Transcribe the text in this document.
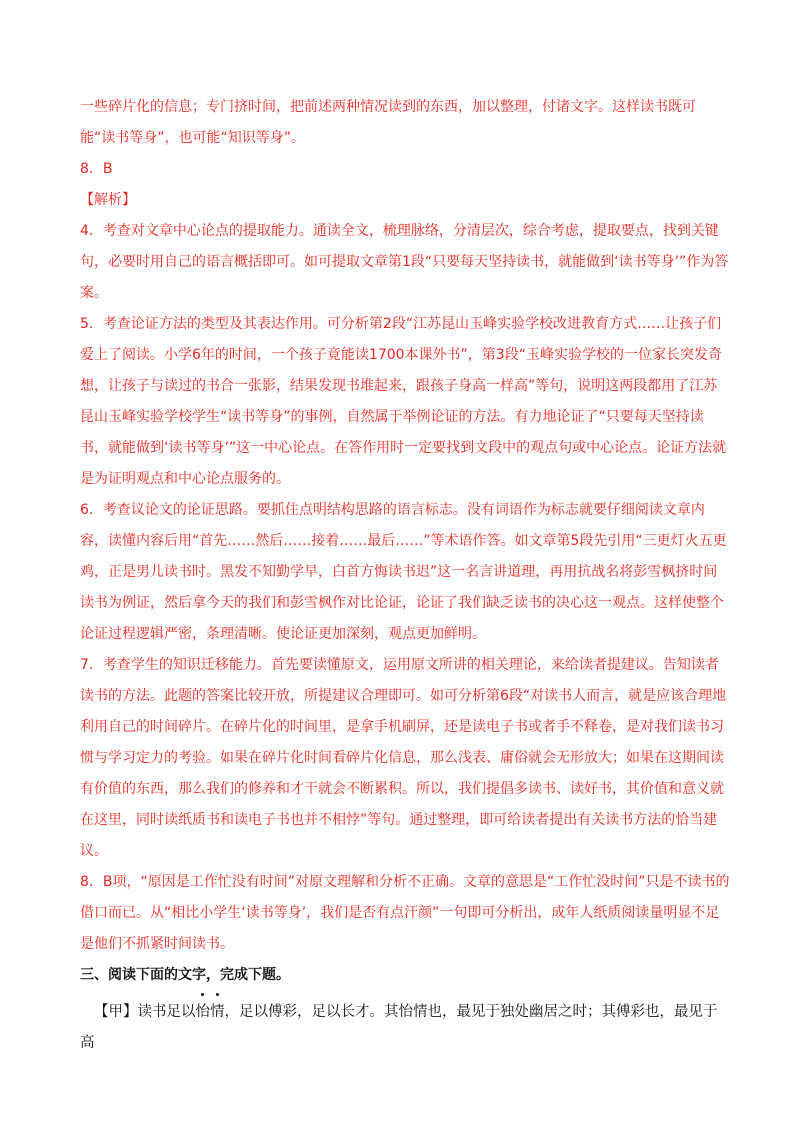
一些碎片化的信息；专门挤时间，把前述两种情况读到的东西，加以整理，付诸文字。这样读书既可能“读书等身”，也可能“知识等身”。

8．B

【解析】

4．考查对文章中心论点的提取能力。通读全文，梳理脉络，分清层次，综合考虑，提取要点，找到关键句，必要时用自己的语言概括即可。如可提取文章第1段“只要每天坚持读书，就能做到‘读书等身’”作为答案。

5．考查论证方法的类型及其表达作用。可分析第2段“江苏昆山玉峰实验学校改进教育方式……让孩子们爱上了阅读。小学6年的时间，一个孩子竟能读1700本课外书”，第3段“玉峰实验学校的一位家长突发奇想，让孩子与读过的书合一张影，结果发现书堆起来，跟孩子身高一样高”等句，说明这两段都用了江苏昆山玉峰实验学校学生“读书等身”的事例，自然属于举例论证的方法。有力地论证了“只要每天坚持读书，就能做到‘读书等身’”这一中心论点。在答作用时一定要找到文段中的观点句或中心论点。论证方法就是为证明观点和中心论点服务的。

6．考查议论文的论证思路。要抓住点明结构思路的语言标志。没有词语作为标志就要仔细阅读文章内容，读懂内容后用“首先……然后……接着……最后……”等术语作答。如文章第5段先引用“三更灯火五更鸡，正是男儿读书时。黑发不知勤学早，白首方悔读书迟”这一名言讲道理，再用抗战名将彭雪枫挤时间读书为例证，然后拿今天的我们和彭雪枫作对比论证，论证了我们缺乏读书的决心这一观点。这样使整个论证过程逻辑严密，条理清晰。使论证更加深刻，观点更加鲜明。

7．考查学生的知识迁移能力。首先要读懂原文，运用原文所讲的相关理论，来给读者提建议。告知读者读书的方法。此题的答案比较开放，所提建议合理即可。如可分析第6段“对读书人而言，就是应该合理地利用自己的时间碎片。在碎片化的时间里，是拿手机刷屏，还是读电子书或者手不释卷，是对我们读书习惯与学习定力的考验。如果在碎片化时间看碎片化信息，那么浅表、庸俗就会无形放大；如果在这期间读有价值的东西，那么我们的修养和才干就会不断累积。所以，我们提倡多读书、读好书，其价值和意义就在这里，同时读纸质书和读电子书也并不相悖”等句。通过整理，即可给读者提出有关读书方法的恰当建议。

8．B项，“原因是工作忙没有时间”对原文理解和分析不正确。文章的意思是“工作忙没时间”只是不读书的借口而已。从“相比小学生‘读书等身’，我们是否有点汗颜”一句即可分析出，成年人纸质阅读量明显不足是他们不抓紧时间读书。

三、阅读下面的文字，完成下题。

【甲】读书足以怡情，足以傅彩，足以长才。其怡情也，最见于独处幽居之时；其傅彩也，最见于高
